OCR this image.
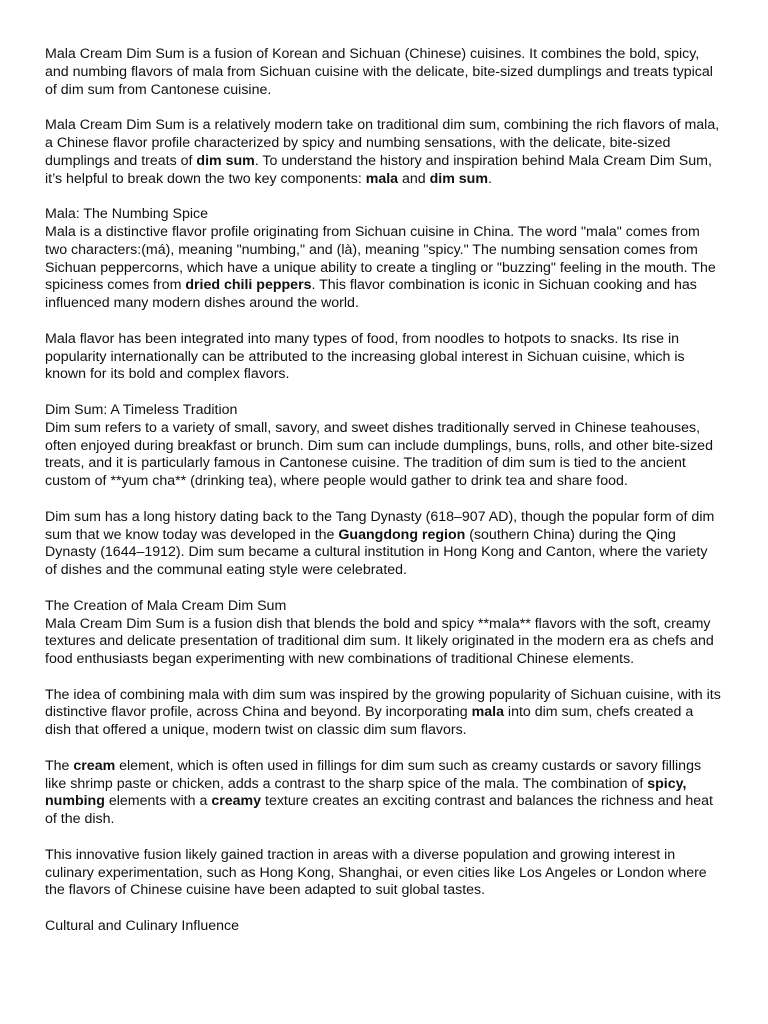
Mala Cream Dim Sum is a fusion of Korean and Sichuan (Chinese) cuisines. It combines the bold, spicy, and numbing flavors of mala from Sichuan cuisine with the delicate, bite-sized dumplings and treats typical of dim sum from Cantonese cuisine.

Mala Cream Dim Sum is a relatively modern take on traditional dim sum, combining the rich flavors of mala, a Chinese flavor profile characterized by spicy and numbing sensations, with the delicate, bite-sized dumplings and treats of dim sum. To understand the history and inspiration behind Mala Cream Dim Sum, it’s helpful to break down the two key components: mala and dim sum.

Mala: The Numbing Spice

Mala is a distinctive flavor profile originating from Sichuan cuisine in China. The word "mala" comes from two characters:(má), meaning "numbing," and (là), meaning "spicy." The numbing sensation comes from Sichuan peppercorns, which have a unique ability to create a tingling or "buzzing" feeling in the mouth. The spiciness comes from dried chili peppers. This flavor combination is iconic in Sichuan cooking and has influenced many modern dishes around the world.

Mala flavor has been integrated into many types of food, from noodles to hotpots to snacks. Its rise in popularity internationally can be attributed to the increasing global interest in Sichuan cuisine, which is known for its bold and complex flavors.

Dim Sum: A Timeless Tradition

Dim sum refers to a variety of small, savory, and sweet dishes traditionally served in Chinese teahouses, often enjoyed during breakfast or brunch. Dim sum can include dumplings, buns, rolls, and other bite-sized treats, and it is particularly famous in Cantonese cuisine. The tradition of dim sum is tied to the ancient custom of **yum cha** (drinking tea), where people would gather to drink tea and share food.

Dim sum has a long history dating back to the Tang Dynasty (618–907 AD), though the popular form of dim sum that we know today was developed in the Guangdong region (southern China) during the Qing Dynasty (1644–1912). Dim sum became a cultural institution in Hong Kong and Canton, where the variety of dishes and the communal eating style were celebrated.

The Creation of Mala Cream Dim Sum

Mala Cream Dim Sum is a fusion dish that blends the bold and spicy **mala** flavors with the soft, creamy textures and delicate presentation of traditional dim sum. It likely originated in the modern era as chefs and food enthusiasts began experimenting with new combinations of traditional Chinese elements.

The idea of combining mala with dim sum was inspired by the growing popularity of Sichuan cuisine, with its distinctive flavor profile, across China and beyond. By incorporating mala into dim sum, chefs created a dish that offered a unique, modern twist on classic dim sum flavors.

The cream element, which is often used in fillings for dim sum such as creamy custards or savory fillings like shrimp paste or chicken, adds a contrast to the sharp spice of the mala. The combination of spicy, numbing elements with a creamy texture creates an exciting contrast and balances the richness and heat of the dish.

This innovative fusion likely gained traction in areas with a diverse population and growing interest in culinary experimentation, such as Hong Kong, Shanghai, or even cities like Los Angeles or London where the flavors of Chinese cuisine have been adapted to suit global tastes.

Cultural and Culinary Influence
